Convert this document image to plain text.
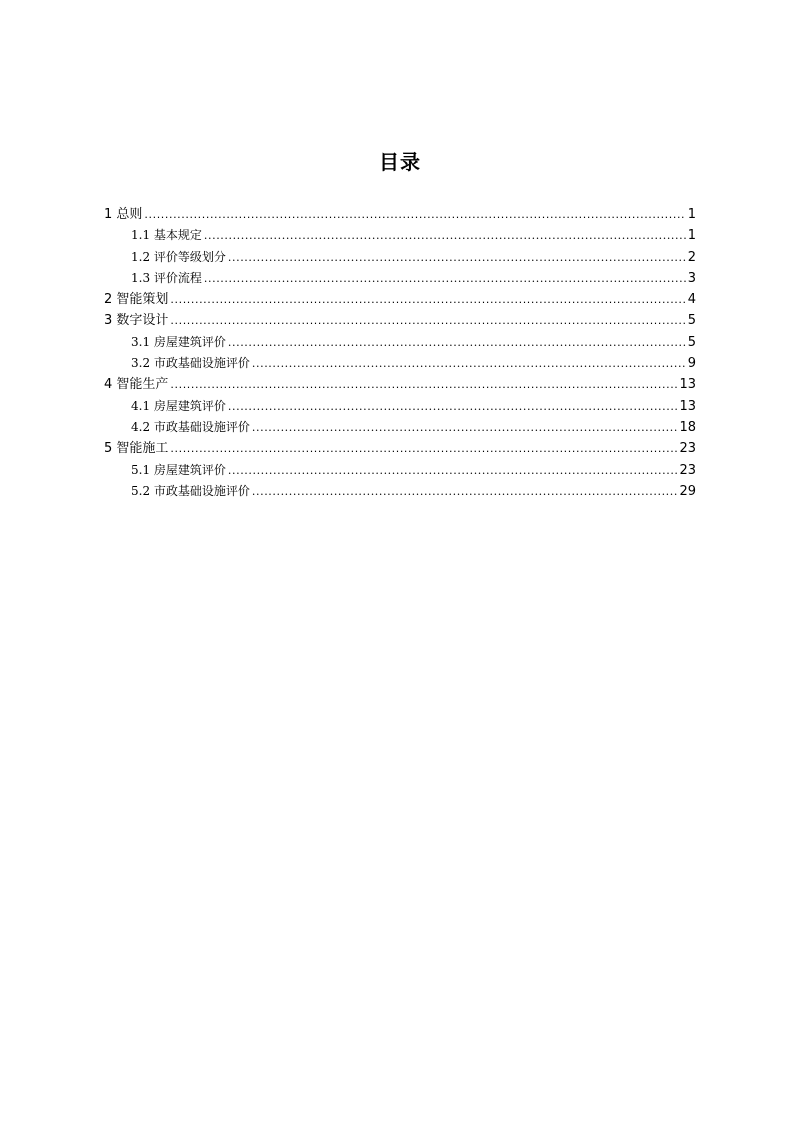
目录
1 总则 .....	1
1.1 基本规定 .....	1
1.2 评价等级划分 .....	2
1.3 评价流程 .....	3
2 智能策划 .....	4
3 数字设计 .....	5
3.1 房屋建筑评价 .....	5
3.2 市政基础设施评价 .....	9
4 智能生产 .....	13
4.1 房屋建筑评价 .....	13
4.2 市政基础设施评价 .....	18
5 智能施工 .....	23
5.1 房屋建筑评价 .....	23
5.2 市政基础设施评价 .....	29
